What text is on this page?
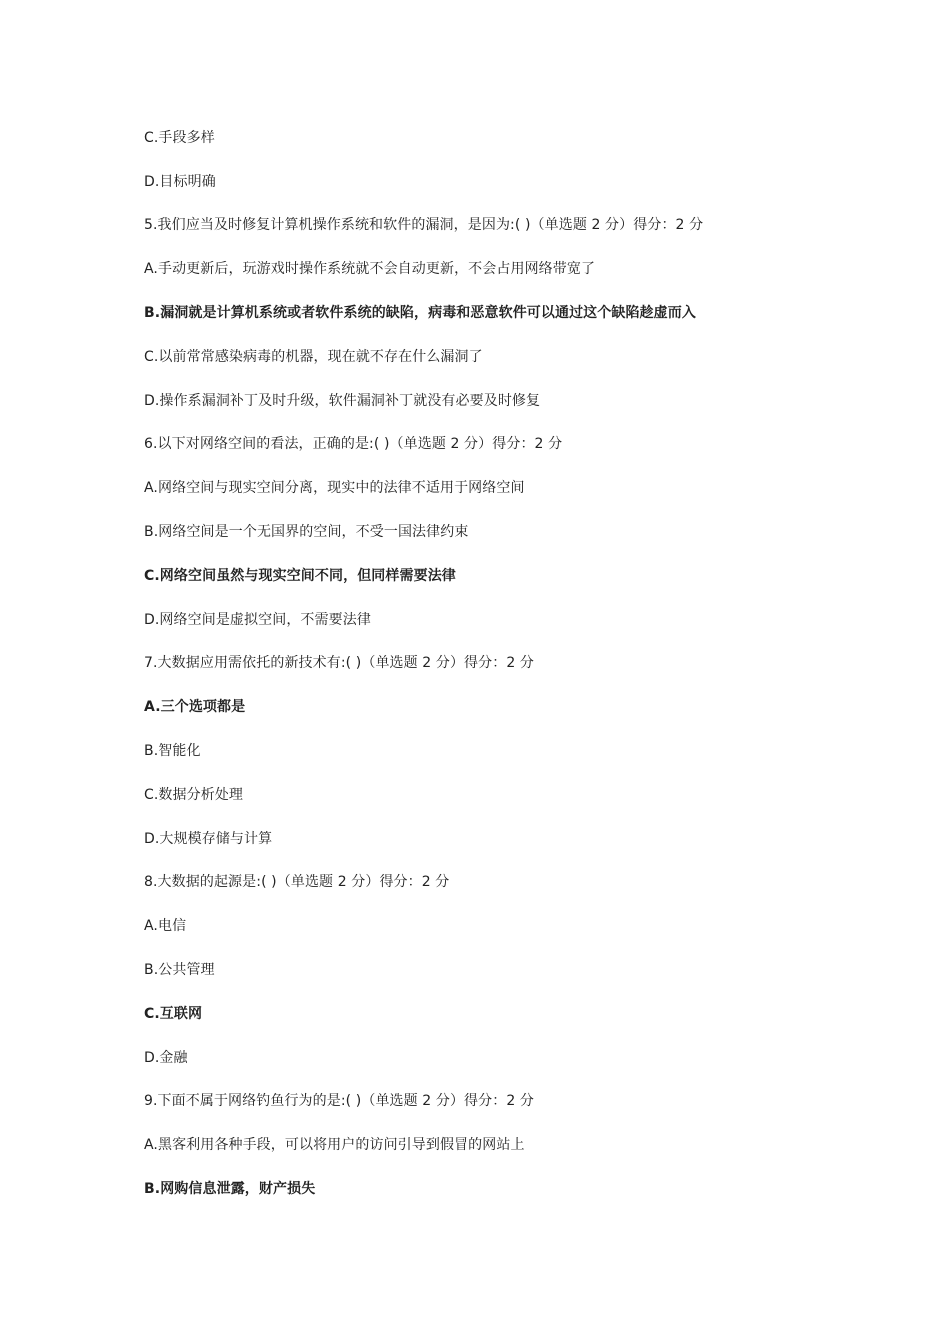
C.手段多样
D.目标明确
5.我们应当及时修复计算机操作系统和软件的漏洞，是因为:( )（单选题 2 分）得分：2 分
A.手动更新后，玩游戏时操作系统就不会自动更新，不会占用网络带宽了
B.漏洞就是计算机系统或者软件系统的缺陷，病毒和恶意软件可以通过这个缺陷趁虚而入
C.以前常常感染病毒的机器，现在就不存在什么漏洞了
D.操作系漏洞补丁及时升级，软件漏洞补丁就没有必要及时修复
6.以下对网络空间的看法，正确的是:( )（单选题 2 分）得分：2 分
A.网络空间与现实空间分离，现实中的法律不适用于网络空间
B.网络空间是一个无国界的空间，不受一国法律约束
C.网络空间虽然与现实空间不同，但同样需要法律
D.网络空间是虚拟空间，不需要法律
7.大数据应用需依托的新技术有:( )（单选题 2 分）得分：2 分
A.三个选项都是
B.智能化
C.数据分析处理
D.大规模存储与计算
8.大数据的起源是:( )（单选题 2 分）得分：2 分
A.电信
B.公共管理
C.互联网
D.金融
9.下面不属于网络钓鱼行为的是:( )（单选题 2 分）得分：2 分
A.黑客利用各种手段，可以将用户的访问引导到假冒的网站上
B.网购信息泄露，财产损失
